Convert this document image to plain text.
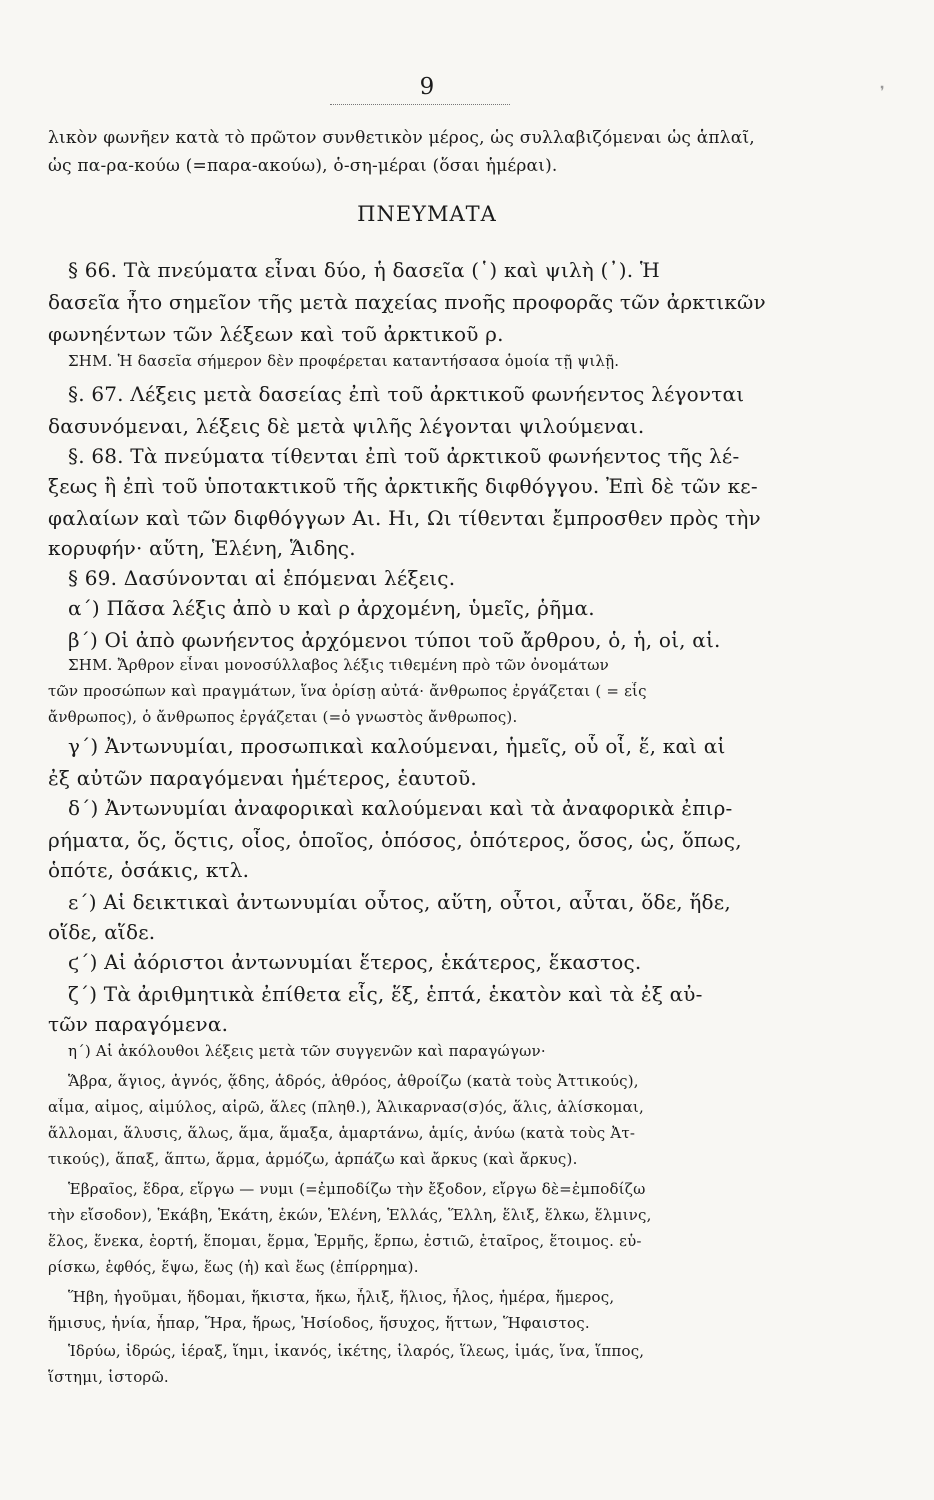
9	❜
ΠΝΕΥΜΑΤΑ
λικὸν φωνῆεν κατὰ τὸ πρῶτον συνθετικὸν μέρος, ὡς συλλαβιζόμεναι ὡς ἁπλαῖ,
ὡς πα-ρα-κούω (=παρα-ακούω), ὁ-ση-μέραι (ὅσαι ἡμέραι).
§ 66. Τὰ πνεύματα εἶναι δύο, ἡ δασεῖα (῾) καὶ ψιλὴ (᾿). Ἡ
δασεῖα ἦτο σημεῖον τῆς μετὰ παχείας πνοῆς προφορᾶς τῶν ἀρκτικῶν
φωνηέντων τῶν λέξεων καὶ τοῦ ἀρκτικοῦ ρ.
ΣΗΜ. Ἡ δασεῖα σήμερον δὲν προφέρεται καταντήσασα ὁμοία τῇ ψιλῇ.
§. 67. Λέξεις μετὰ δασείας ἐπὶ τοῦ ἀρκτικοῦ φωνήεντος λέγονται
δασυνόμεναι, λέξεις δὲ μετὰ ψιλῆς λέγονται ψιλούμεναι.
§. 68. Τὰ πνεύματα τίθενται ἐπὶ τοῦ ἀρκτικοῦ φωνήεντος τῆς λέ-
ξεως ἢ ἐπὶ τοῦ ὑποτακτικοῦ τῆς ἀρκτικῆς διφθόγγου. Ἐπὶ δὲ τῶν κε-
φαλαίων καὶ τῶν διφθόγγων Αι. Ηι, Ωι τίθενται ἔμπροσθεν πρὸς τὴν
κορυφήν· αὕτη, Ἑλένη, Ἅιδης.
§ 69. Δασύνονται αἱ ἑπόμεναι λέξεις.
α΄) Πᾶσα λέξις ἀπὸ υ καὶ ρ ἀρχομένη, ὑμεῖς, ῥῆμα.
β΄) Οἱ ἀπὸ φωνήεντος ἀρχόμενοι τύποι τοῦ ἄρθρου, ὁ, ἡ, οἱ, αἱ.
ΣΗΜ. Ἄρθρον εἶναι μονοσύλλαβος λέξις τιθεμένη πρὸ τῶν ὀνομάτων
τῶν προσώπων καὶ πραγμάτων, ἵνα ὁρίσῃ αὐτά· ἄνθρωπος ἐργάζεται ( = εἷς
ἄνθρωπος), ὁ ἄνθρωπος ἐργάζεται (=ὁ γνωστὸς ἄνθρωπος).
γ΄) Ἀντωνυμίαι, προσωπικαὶ καλούμεναι, ἡμεῖς, οὗ οἷ, ἕ, καὶ αἱ
ἐξ αὐτῶν παραγόμεναι ἡμέτερος, ἑαυτοῦ.
δ΄) Ἀντωνυμίαι ἀναφορικαὶ καλούμεναι καὶ τὰ ἀναφορικὰ ἐπιρ-
ρήματα, ὅς, ὅςτις, οἷος, ὁποῖος, ὁπόσος, ὁπότερος, ὅσος, ὡς, ὅπως,
ὁπότε, ὁσάκις, κτλ.
ε΄) Αἱ δεικτικαὶ ἀντωνυμίαι οὗτος, αὕτη, οὗτοι, αὗται, ὅδε, ἥδε,
οἵδε, αἵδε.
ϛ΄) Αἱ ἀόριστοι ἀντωνυμίαι ἕτερος, ἑκάτερος, ἕκαστος.
ζ΄) Τὰ ἀριθμητικὰ ἐπίθετα εἷς, ἕξ, ἑπτά, ἑκατὸν καὶ τὰ ἐξ αὐ-
τῶν παραγόμενα.
η΄) Αἱ ἀκόλουθοι λέξεις μετὰ τῶν συγγενῶν καὶ παραγώγων·
Ἅβρα, ἅγιος, ἁγνός, ᾅδης, ἁδρός, ἁθρόος, ἁθροίζω (κατὰ τοὺς Ἀττικούς),
αἷμα, αἱμος, αἱμύλος, αἱρῶ, ἅλες (πληθ.), Ἁλικαρνασ(σ)ός, ἅλις, ἁλίσκομαι,
ἅλλομαι, ἅλυσις, ἅλως, ἅμα, ἅμαξα, ἁμαρτάνω, ἁμίς, ἁνύω (κατὰ τοὺς Ἀτ-
τικούς), ἅπαξ, ἅπτω, ἅρμα, ἁρμόζω, ἁρπάζω καὶ ἄρκυς (καὶ ἄρκυς).
Ἑβραῖος, ἕδρα, εἵργω — νυμι (=ἐμποδίζω τὴν ἔξοδον, εἴργω δὲ=ἐμποδίζω
τὴν εἴσοδον), Ἑκάβη, Ἑκάτη, ἑκών, Ἑλένη, Ἑλλάς, Ἕλλη, ἕλιξ, ἕλκω, ἕλμινς,
ἕλος, ἕνεκα, ἑορτή, ἕπομαι, ἕρμα, Ἑρμῆς, ἕρπω, ἑστιῶ, ἑταῖρος, ἕτοιμος. εὑ-
ρίσκω, ἑφθός, ἕψω, ἕως (ἡ) καὶ ἕως (ἐπίρρημα).
Ἥβη, ἡγοῦμαι, ἥδομαι, ἥκιστα, ἥκω, ἧλιξ, ἥλιος, ἧλος, ἡμέρα, ἥμερος,
ἥμισυς, ἡνία, ἧπαρ, Ἥρα, ἥρως, Ἡσίοδος, ἥσυχος, ἥττων, Ἥφαιστος.
Ἱδρύω, ἱδρώς, ἱέραξ, ἵημι, ἱκανός, ἱκέτης, ἱλαρός, ἵλεως, ἱμάς, ἵνα, ἵππος,
ἵστημι, ἱστορῶ.
